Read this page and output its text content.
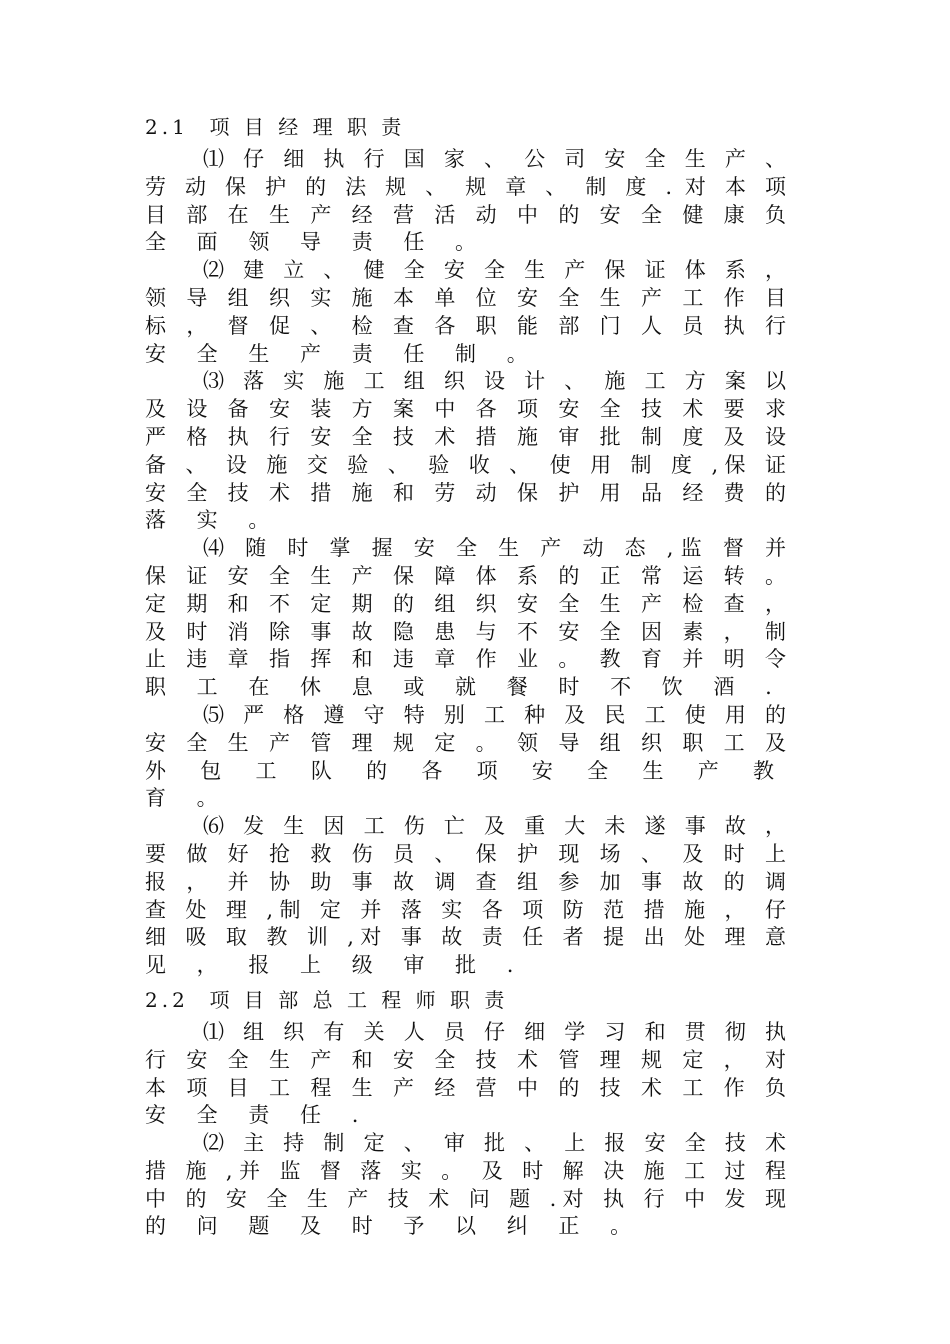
2.1  项 目 经 理 职 责

⑴ 仔 细 执 行 国 家 、 公 司 安 全 生 产 、
劳 动 保 护 的 法 规 、 规 章 、 制 度 . 对 本 项
目 部 在 生 产 经 营 活 动 中 的 安 全 健 康 负
全 面 领 导 责 任 。

⑵ 建 立 、 健 全 安 全 生 产 保 证 体 系 ，
领 导 组 织 实 施 本 单 位 安 全 生 产 工 作 目
标 ， 督 促 、 检 查 各 职 能 部 门 人 员 执 行
安 全 生 产 责 任 制 。

⑶ 落 实 施 工 组 织 设 计 、 施 工 方 案 以
及 设 备 安 装 方 案 中 各 项 安 全 技 术 要 求
严 格 执 行 安 全 技 术 措 施 审 批 制 度 及 设
备 、 设 施 交 验 、 验 收 、 使 用 制 度 ,保 证
安 全 技 术 措 施 和 劳 动 保 护 用 品 经 费 的
落 实 。

⑷ 随 时 掌 握 安 全 生 产 动 态 ,监 督 并
保 证 安 全 生 产 保 障 体 系 的 正 常 运 转 。
定 期 和 不 定 期 的 组 织 安 全 生 产 检 查 ，
及 时 消 除 事 故 隐 患 与 不 安 全 因 素 ， 制
止 违 章 指 挥 和 违 章 作 业 。 教 育 并 明 令
职 工 在 休 息 或 就 餐 时 不 饮 酒 .

⑸ 严 格 遵 守 特 别 工 种 及 民 工 使 用 的
安 全 生 产 管 理 规 定 。 领 导 组 织 职 工 及
外 包 工 队 的 各 项 安 全 生 产 教 育 。

⑹ 发 生 因 工 伤 亡 及 重 大 未 遂 事 故 ，
要 做 好 抢 救 伤 员 、 保 护 现 场 、 及 时 上
报 ， 并 协 助 事 故 调 查 组 参 加 事 故 的 调
查 处 理 ,制 定 并 落 实 各 项 防 范 措 施 ， 仔
细 吸 取 教 训 ,对 事 故 责 任 者 提 出 处 理 意
见 ， 报 上 级 审 批 .

2.2  项 目 部 总 工 程 师 职 责

⑴ 组 织 有 关 人 员 仔 细 学 习 和 贯 彻 执
行 安 全 生 产 和 安 全 技 术 管 理 规 定 ， 对
本 项 目 工 程 生 产 经 营 中 的 技 术 工 作 负
安 全 责 任 .

⑵ 主 持 制 定 、 审 批 、 上 报 安 全 技 术
措 施 ,并 监 督 落 实 。 及 时 解 决 施 工 过 程
中 的 安 全 生 产 技 术 问 题 .对 执 行 中 发 现
的 问 题 及 时 予 以 纠 正 。
